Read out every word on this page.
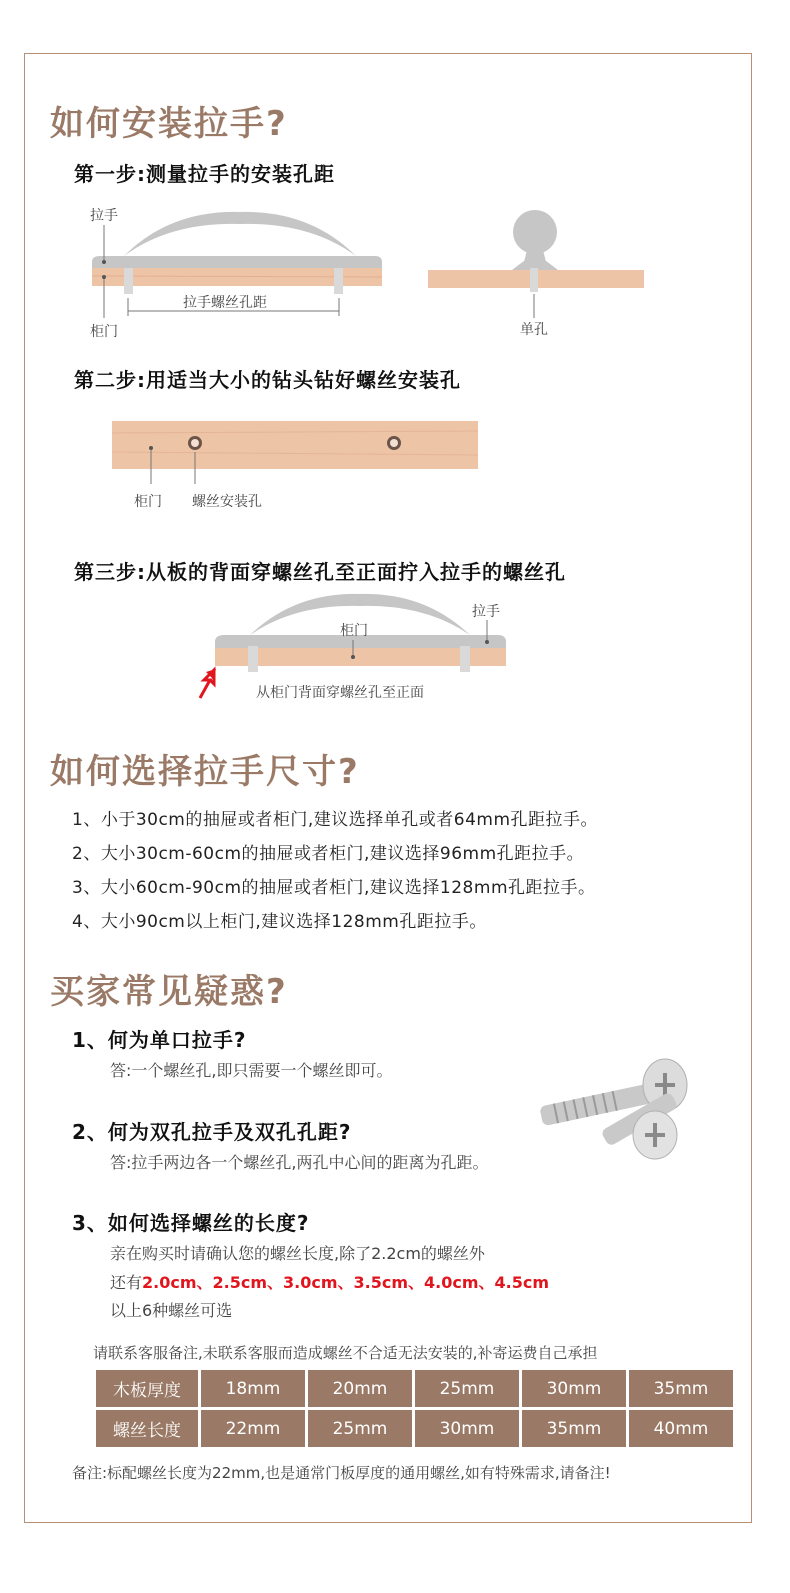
如何安装拉手?
第一步:测量拉手的安装孔距
拉手
柜门
拉手螺丝孔距
单孔
第二步:用适当大小的钻头钻好螺丝安装孔
柜门 螺丝安装孔
第三步:从板的背面穿螺丝孔至正面拧入拉手的螺丝孔
拉手
柜门
从柜门背面穿螺丝孔至正面
如何选择拉手尺寸?
1、小于30cm的抽屉或者柜门,建议选择单孔或者64mm孔距拉手。
2、大小30cm-60cm的抽屉或者柜门,建议选择96mm孔距拉手。
3、大小60cm-90cm的抽屉或者柜门,建议选择128mm孔距拉手。
4、大小90cm以上柜门,建议选择128mm孔距拉手。
买家常见疑惑?
1、何为单口拉手?
答:一个螺丝孔,即只需要一个螺丝即可。
2、何为双孔拉手及双孔孔距?
答:拉手两边各一个螺丝孔,两孔中心间的距离为孔距。
3、如何选择螺丝的长度?
亲在购买时请确认您的螺丝长度,除了2.2cm的螺丝外
还有2.0cm、2.5cm、3.0cm、3.5cm、4.0cm、4.5cm
以上6种螺丝可选
请联系客服备注,未联系客服而造成螺丝不合适无法安装的,补寄运费自己承担
木板厚度	18mm	20mm	25mm	30mm	35mm
螺丝长度	22mm	25mm	30mm	35mm	40mm
备注:标配螺丝长度为22mm,也是通常门板厚度的通用螺丝,如有特殊需求,请备注!
